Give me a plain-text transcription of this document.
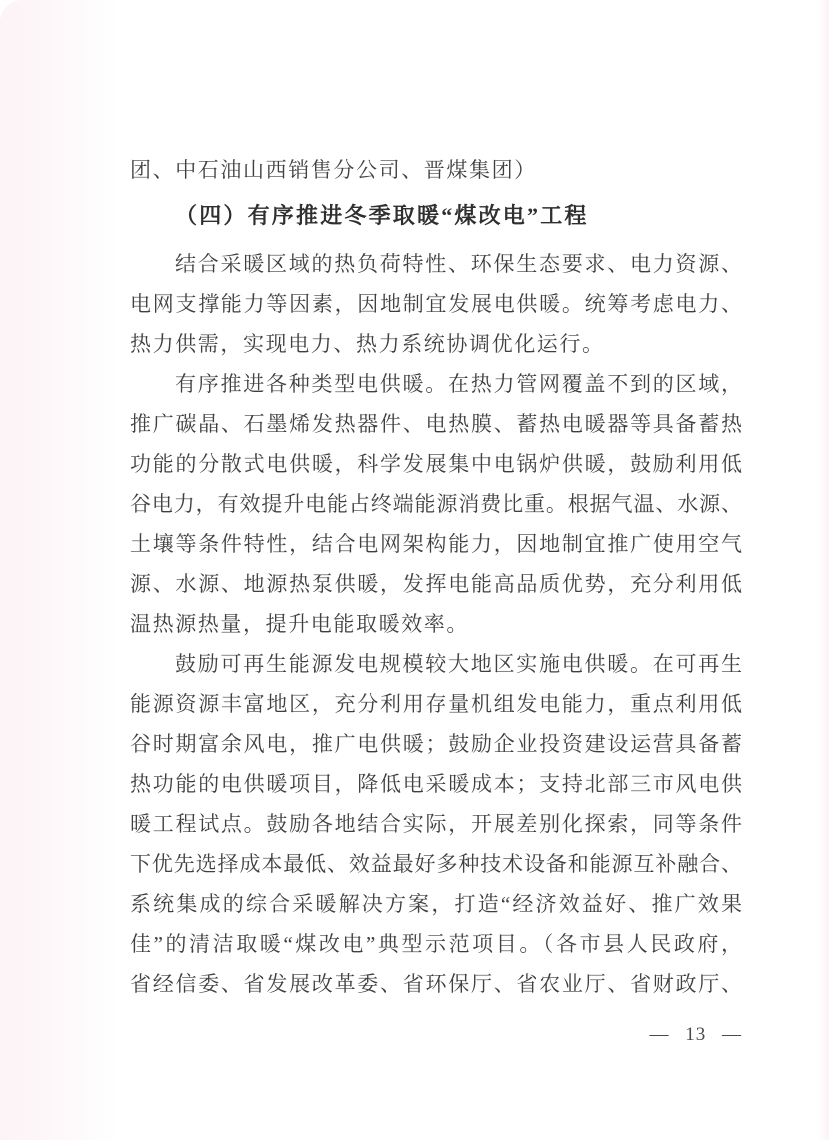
团、中石油山西销售分公司、晋煤集团）
（四）有序推进冬季取暖“煤改电”工程
结合采暖区域的热负荷特性、环保生态要求、电力资源、
电网支撑能力等因素，因地制宜发展电供暖。统筹考虑电力、
热力供需，实现电力、热力系统协调优化运行。
有序推进各种类型电供暖。在热力管网覆盖不到的区域，
推广碳晶、石墨烯发热器件、电热膜、蓄热电暖器等具备蓄热
功能的分散式电供暖，科学发展集中电锅炉供暖，鼓励利用低
谷电力，有效提升电能占终端能源消费比重。根据气温、水源、
土壤等条件特性，结合电网架构能力，因地制宜推广使用空气
源、水源、地源热泵供暖，发挥电能高品质优势，充分利用低
温热源热量，提升电能取暖效率。
鼓励可再生能源发电规模较大地区实施电供暖。在可再生
能源资源丰富地区，充分利用存量机组发电能力，重点利用低
谷时期富余风电，推广电供暖；鼓励企业投资建设运营具备蓄
热功能的电供暖项目，降低电采暖成本；支持北部三市风电供
暖工程试点。鼓励各地结合实际，开展差别化探索，同等条件
下优先选择成本最低、效益最好多种技术设备和能源互补融合、
系统集成的综合采暖解决方案，打造“经济效益好、推广效果
佳”的清洁取暖“煤改电”典型示范项目。（各市县人民政府，
省经信委、省发展改革委、省环保厅、省农业厅、省财政厅、
— 13 —
